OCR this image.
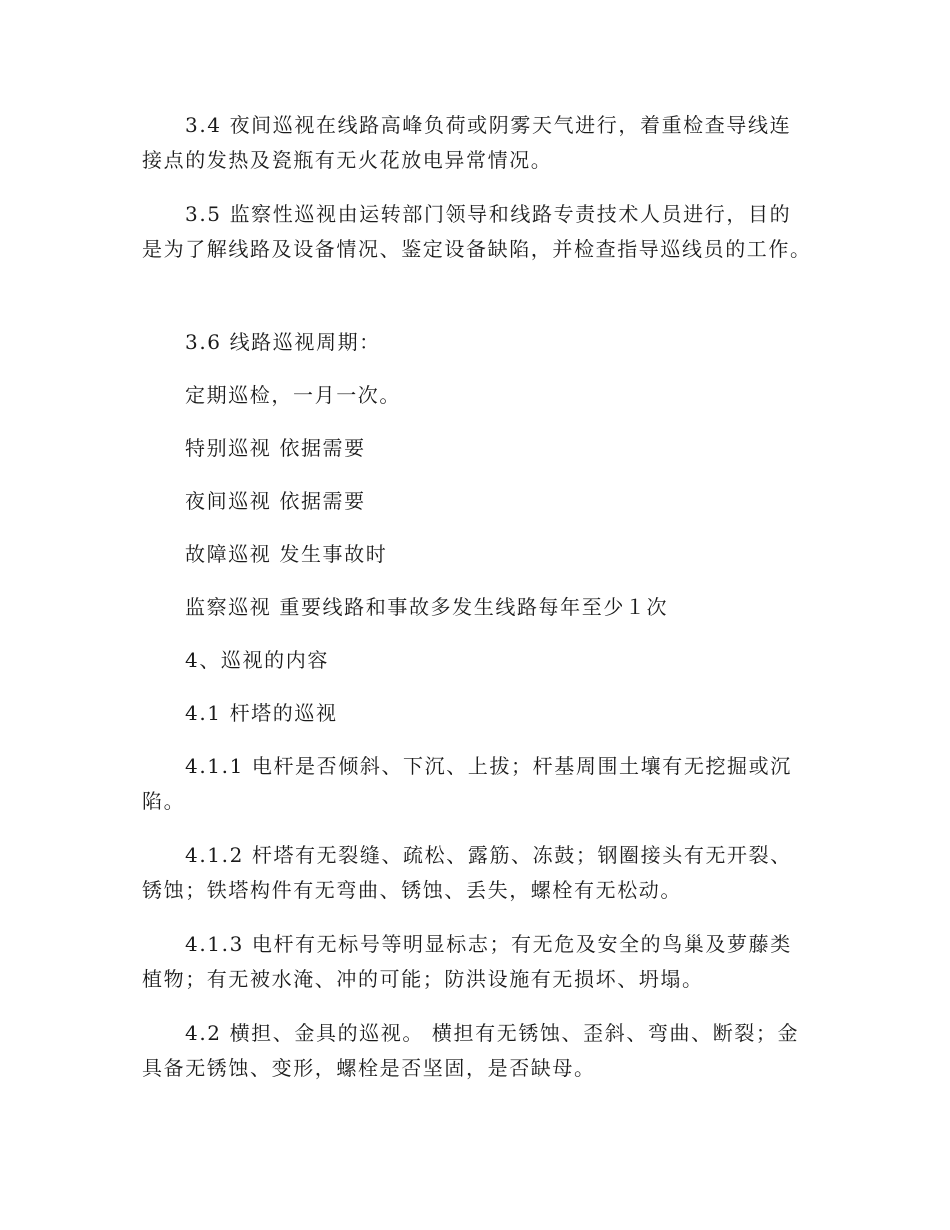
3.4 夜间巡视在线路高峰负荷或阴雾天气进行，着重检查导线连接点的发热及瓷瓶有无火花放电异常情况。

3.5 监察性巡视由运转部门领导和线路专责技术人员进行，目的是为了解线路及设备情况、鉴定设备缺陷，并检查指导巡线员的工作。

3.6 线路巡视周期：

定期巡检，一月一次。

特别巡视 依据需要

夜间巡视 依据需要

故障巡视 发生事故时

监察巡视 重要线路和事故多发生线路每年至少１次

4、巡视的内容

4.1 杆塔的巡视

4.1.1 电杆是否倾斜、下沉、上拔；杆基周围土壤有无挖掘或沉陷。

4.1.2 杆塔有无裂缝、疏松、露筋、冻鼓；钢圈接头有无开裂、锈蚀；铁塔构件有无弯曲、锈蚀、丢失，螺栓有无松动。

4.1.3 电杆有无标号等明显标志；有无危及安全的鸟巢及萝藤类植物；有无被水淹、冲的可能；防洪设施有无损坏、坍塌。

4.2 横担、金具的巡视。 横担有无锈蚀、歪斜、弯曲、断裂；金具备无锈蚀、变形，螺栓是否坚固，是否缺母。
